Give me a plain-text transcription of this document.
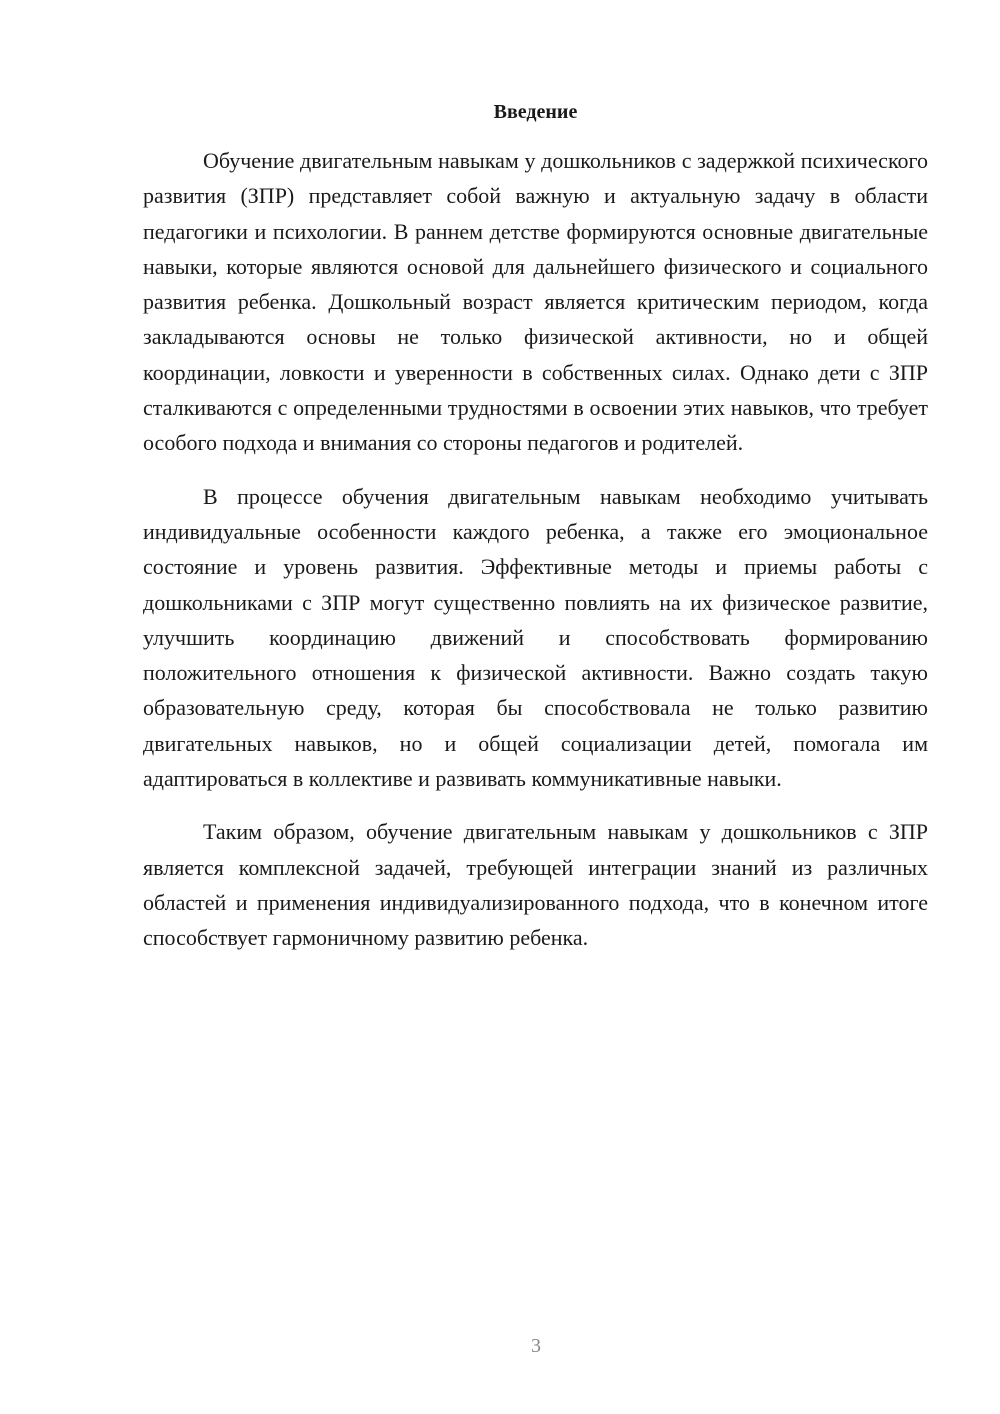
Введение

Обучение двигательным навыкам у дошкольников с задержкой психического развития (ЗПР) представляет собой важную и актуальную задачу в области педагогики и психологии. В раннем детстве формируются основные двигательные навыки, которые являются основой для дальнейшего физического и социального развития ребенка. Дошкольный возраст является критическим периодом, когда закладываются основы не только физической активности, но и общей координации, ловкости и уверенности в собственных силах. Однако дети с ЗПР сталкиваются с определенными трудностями в освоении этих навыков, что требует особого подхода и внимания со стороны педагогов и родителей.

В процессе обучения двигательным навыкам необходимо учитывать индивидуальные особенности каждого ребенка, а также его эмоциональное состояние и уровень развития. Эффективные методы и приемы работы с дошкольниками с ЗПР могут существенно повлиять на их физическое развитие, улучшить координацию движений и способствовать формированию положительного отношения к физической активности. Важно создать такую образовательную среду, которая бы способствовала не только развитию двигательных навыков, но и общей социализации детей, помогала им адаптироваться в коллективе и развивать коммуникативные навыки.

Таким образом, обучение двигательным навыкам у дошкольников с ЗПР является комплексной задачей, требующей интеграции знаний из различных областей и применения индивидуализированного подхода, что в конечном итоге способствует гармоничному развитию ребенка.

3
